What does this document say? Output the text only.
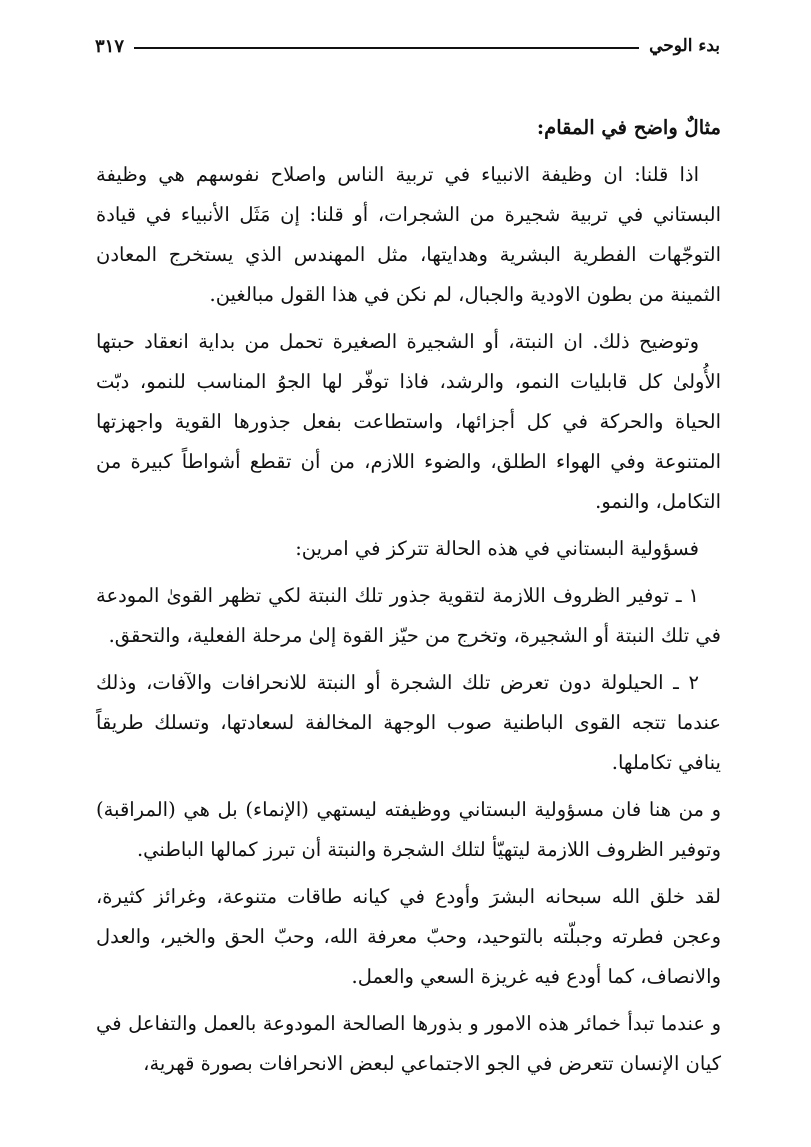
بدء الوحي
٣١٧

مثالٌ واضح في المقام:

اذا قلنا: ان وظيفة الانبياء في تربية الناس واصلاح نفوسهم هي وظيفة البستاني في تربية شجيرة من الشجرات، أو قلنا: إن مَثَل الأنبياء في قيادة التوجّهات الفطرية البشرية وهدايتها، مثل المهندس الذي يستخرج المعادن الثمينة من بطون الاودية والجبال، لم نكن في هذا القول مبالغين.

وتوضيح ذلك. ان النبتة، أو الشجيرة الصغيرة تحمل من بداية انعقاد حبتها الأُولىٰ كل قابليات النمو، والرشد، فاذا توفّر لها الجوُ المناسب للنمو، دبّت الحياة والحركة في كل أجزائها، واستطاعت بفعل جذورها القوية واجهزتها المتنوعة وفي الهواء الطلق، والضوء اللازم، من أن تقطع أشواطاً كبيرة من التكامل، والنمو.

فسؤولية البستاني في هذه الحالة تتركز في امرين:

١ ـ توفير الظروف اللازمة لتقوية جذور تلك النبتة لكي تظهر القوىٰ المودعة في تلك النبتة أو الشجيرة، وتخرج من حيّز القوة إلىٰ مرحلة الفعلية، والتحقق.

٢ ـ الحيلولة دون تعرض تلك الشجرة أو النبتة للانحرافات والآفات، وذلك عندما تتجه القوى الباطنية صوب الوجهة المخالفة لسعادتها، وتسلك طريقاً ينافي تكاملها.

و من هنا فان مسؤولية البستاني ووظيفته ليستهي (الإنماء) بل هي (المراقبة) وتوفير الظروف اللازمة ليتهيّأ لتلك الشجرة والنبتة أن تبرز كمالها الباطني.

لقد خلق الله سبحانه البشرَ وأودع في كيانه طاقات متنوعة، وغرائز كثيرة، وعجن فطرته وجبلّته بالتوحيد، وحبّ معرفة الله، وحبّ الحق والخير، والعدل والانصاف، كما أودع فيه غريزة السعي والعمل.

و عندما تبدأ خمائر هذه الامور و بذورها الصالحة المودوعة بالعمل والتفاعل في كيان الإنسان تتعرض في الجو الاجتماعي لبعض الانحرافات بصورة قهرية،
